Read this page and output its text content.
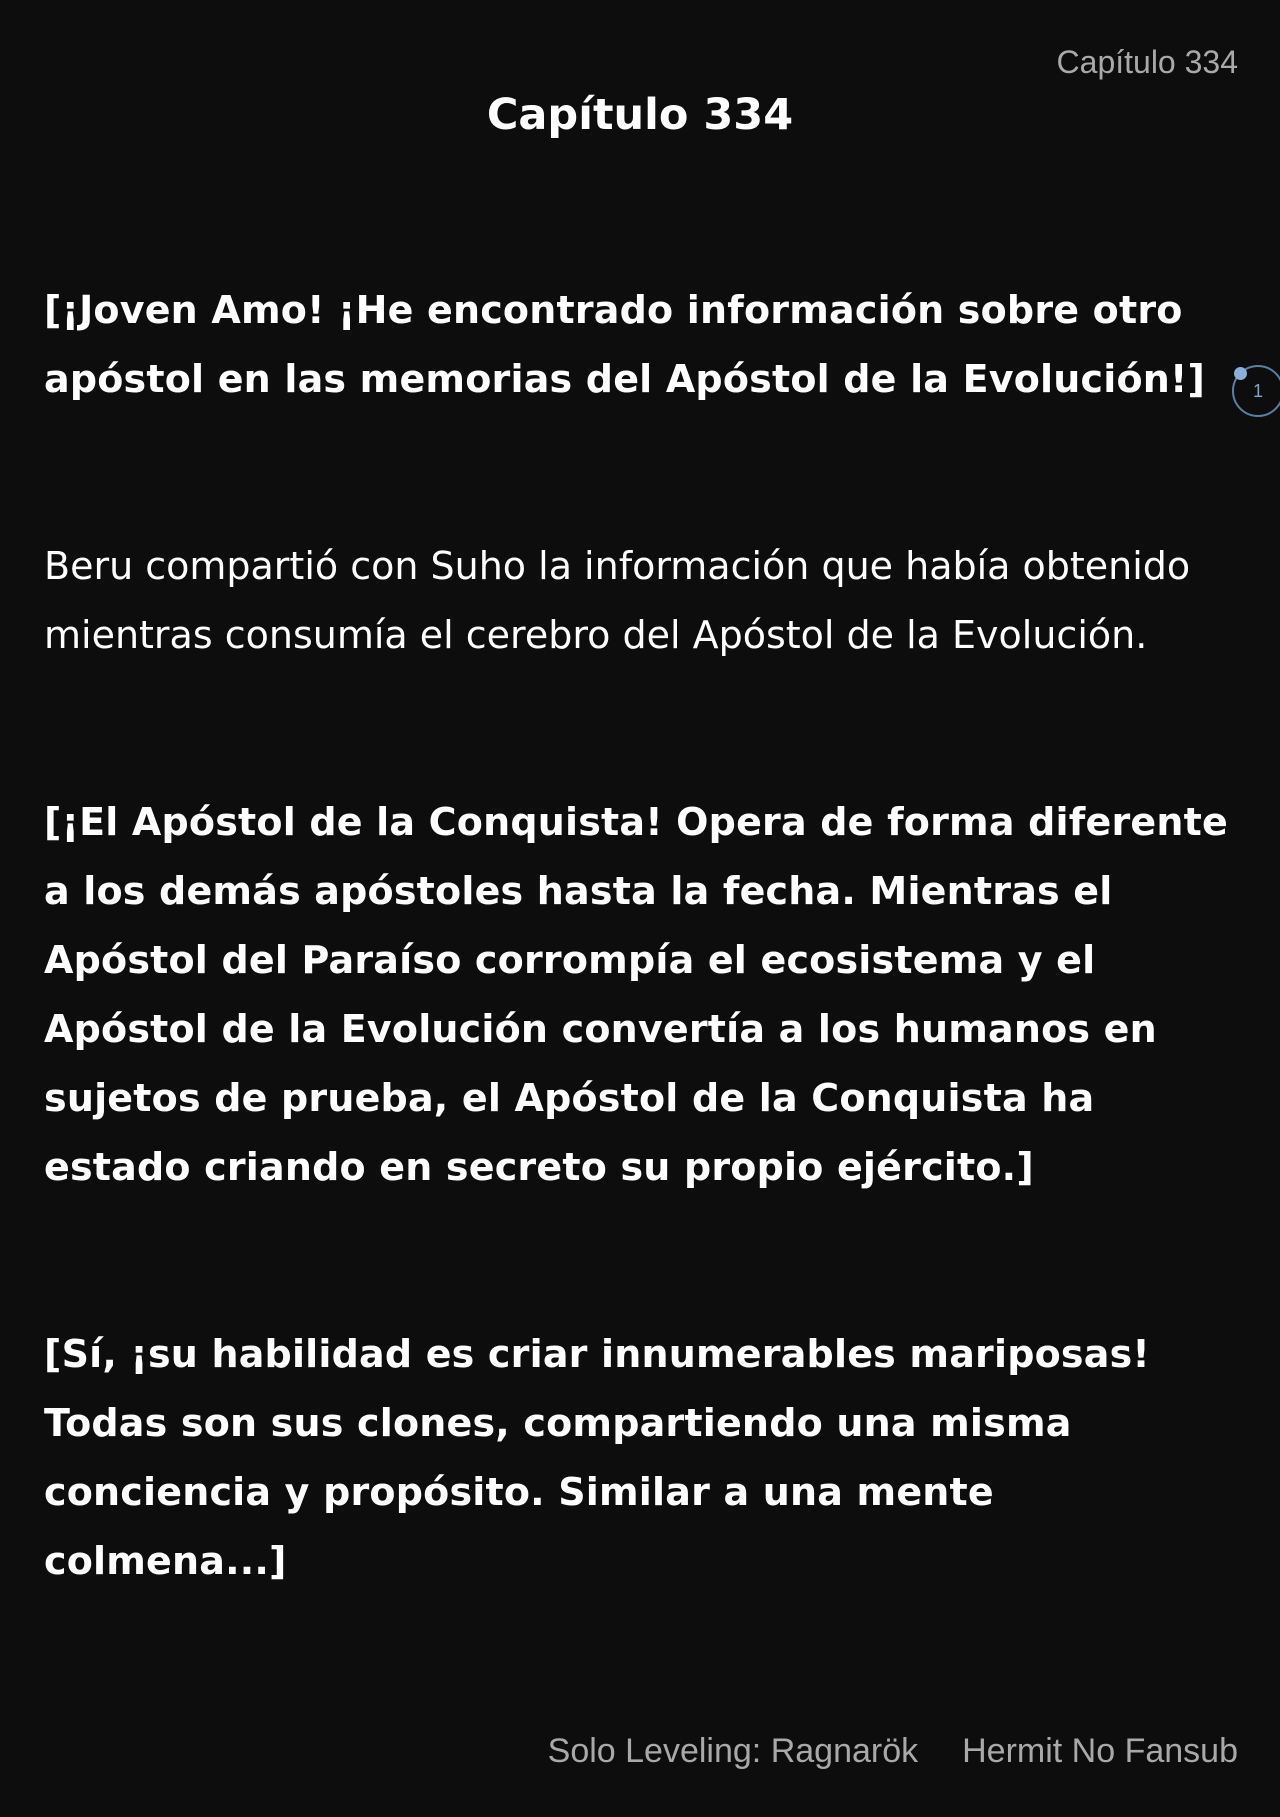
Capítulo 334
Capítulo 334

[¡Joven Amo! ¡He encontrado información sobre otro apóstol en las memorias del Apóstol de la Evolución!]

Beru compartió con Suho la información que había obtenido mientras consumía el cerebro del Apóstol de la Evolución.

[¡El Apóstol de la Conquista! Opera de forma diferente a los demás apóstoles hasta la fecha. Mientras el Apóstol del Paraíso corrompía el ecosistema y el Apóstol de la Evolución convertía a los humanos en sujetos de prueba, el Apóstol de la Conquista ha estado criando en secreto su propio ejército.]

[Sí, ¡su habilidad es criar innumerables mariposas! Todas son sus clones, compartiendo una misma conciencia y propósito. Similar a una mente colmena...]

1
Solo Leveling: Ragnarök Hermit No Fansub
